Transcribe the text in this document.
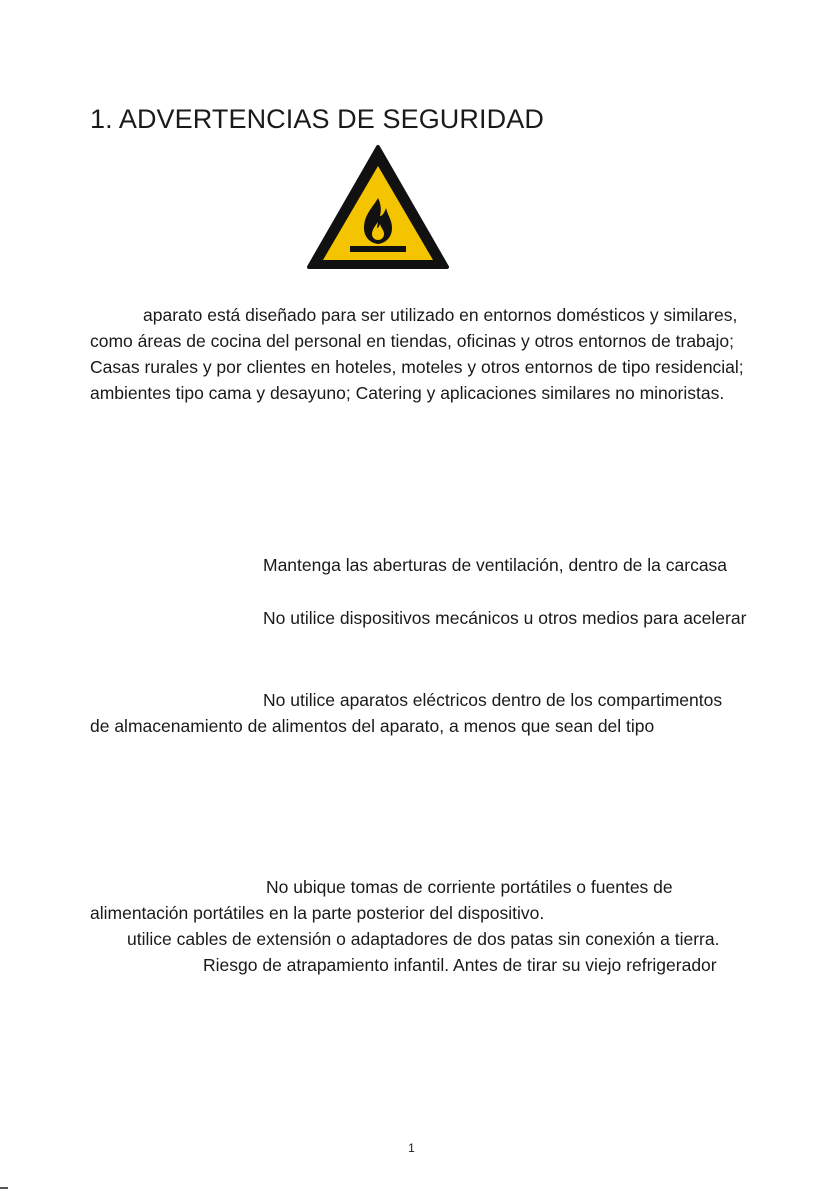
1. ADVERTENCIAS DE SEGURIDAD
aparato está diseñado para ser utilizado en entornos domésticos y similares,
como áreas de cocina del personal en tiendas, oficinas y otros entornos de trabajo;
Casas rurales y por clientes en hoteles, moteles y otros entornos de tipo residencial;
ambientes tipo cama y desayuno; Catering y aplicaciones similares no minoristas.
Mantenga las aberturas de ventilación, dentro de la carcasa
No utilice dispositivos mecánicos u otros medios para acelerar
No utilice aparatos eléctricos dentro de los compartimentos
de almacenamiento de alimentos del aparato, a menos que sean del tipo
No ubique tomas de corriente portátiles o fuentes de
alimentación portátiles en la parte posterior del dispositivo.
utilice cables de extensión o adaptadores de dos patas sin conexión a tierra.
Riesgo de atrapamiento infantil. Antes de tirar su viejo refrigerador
1
